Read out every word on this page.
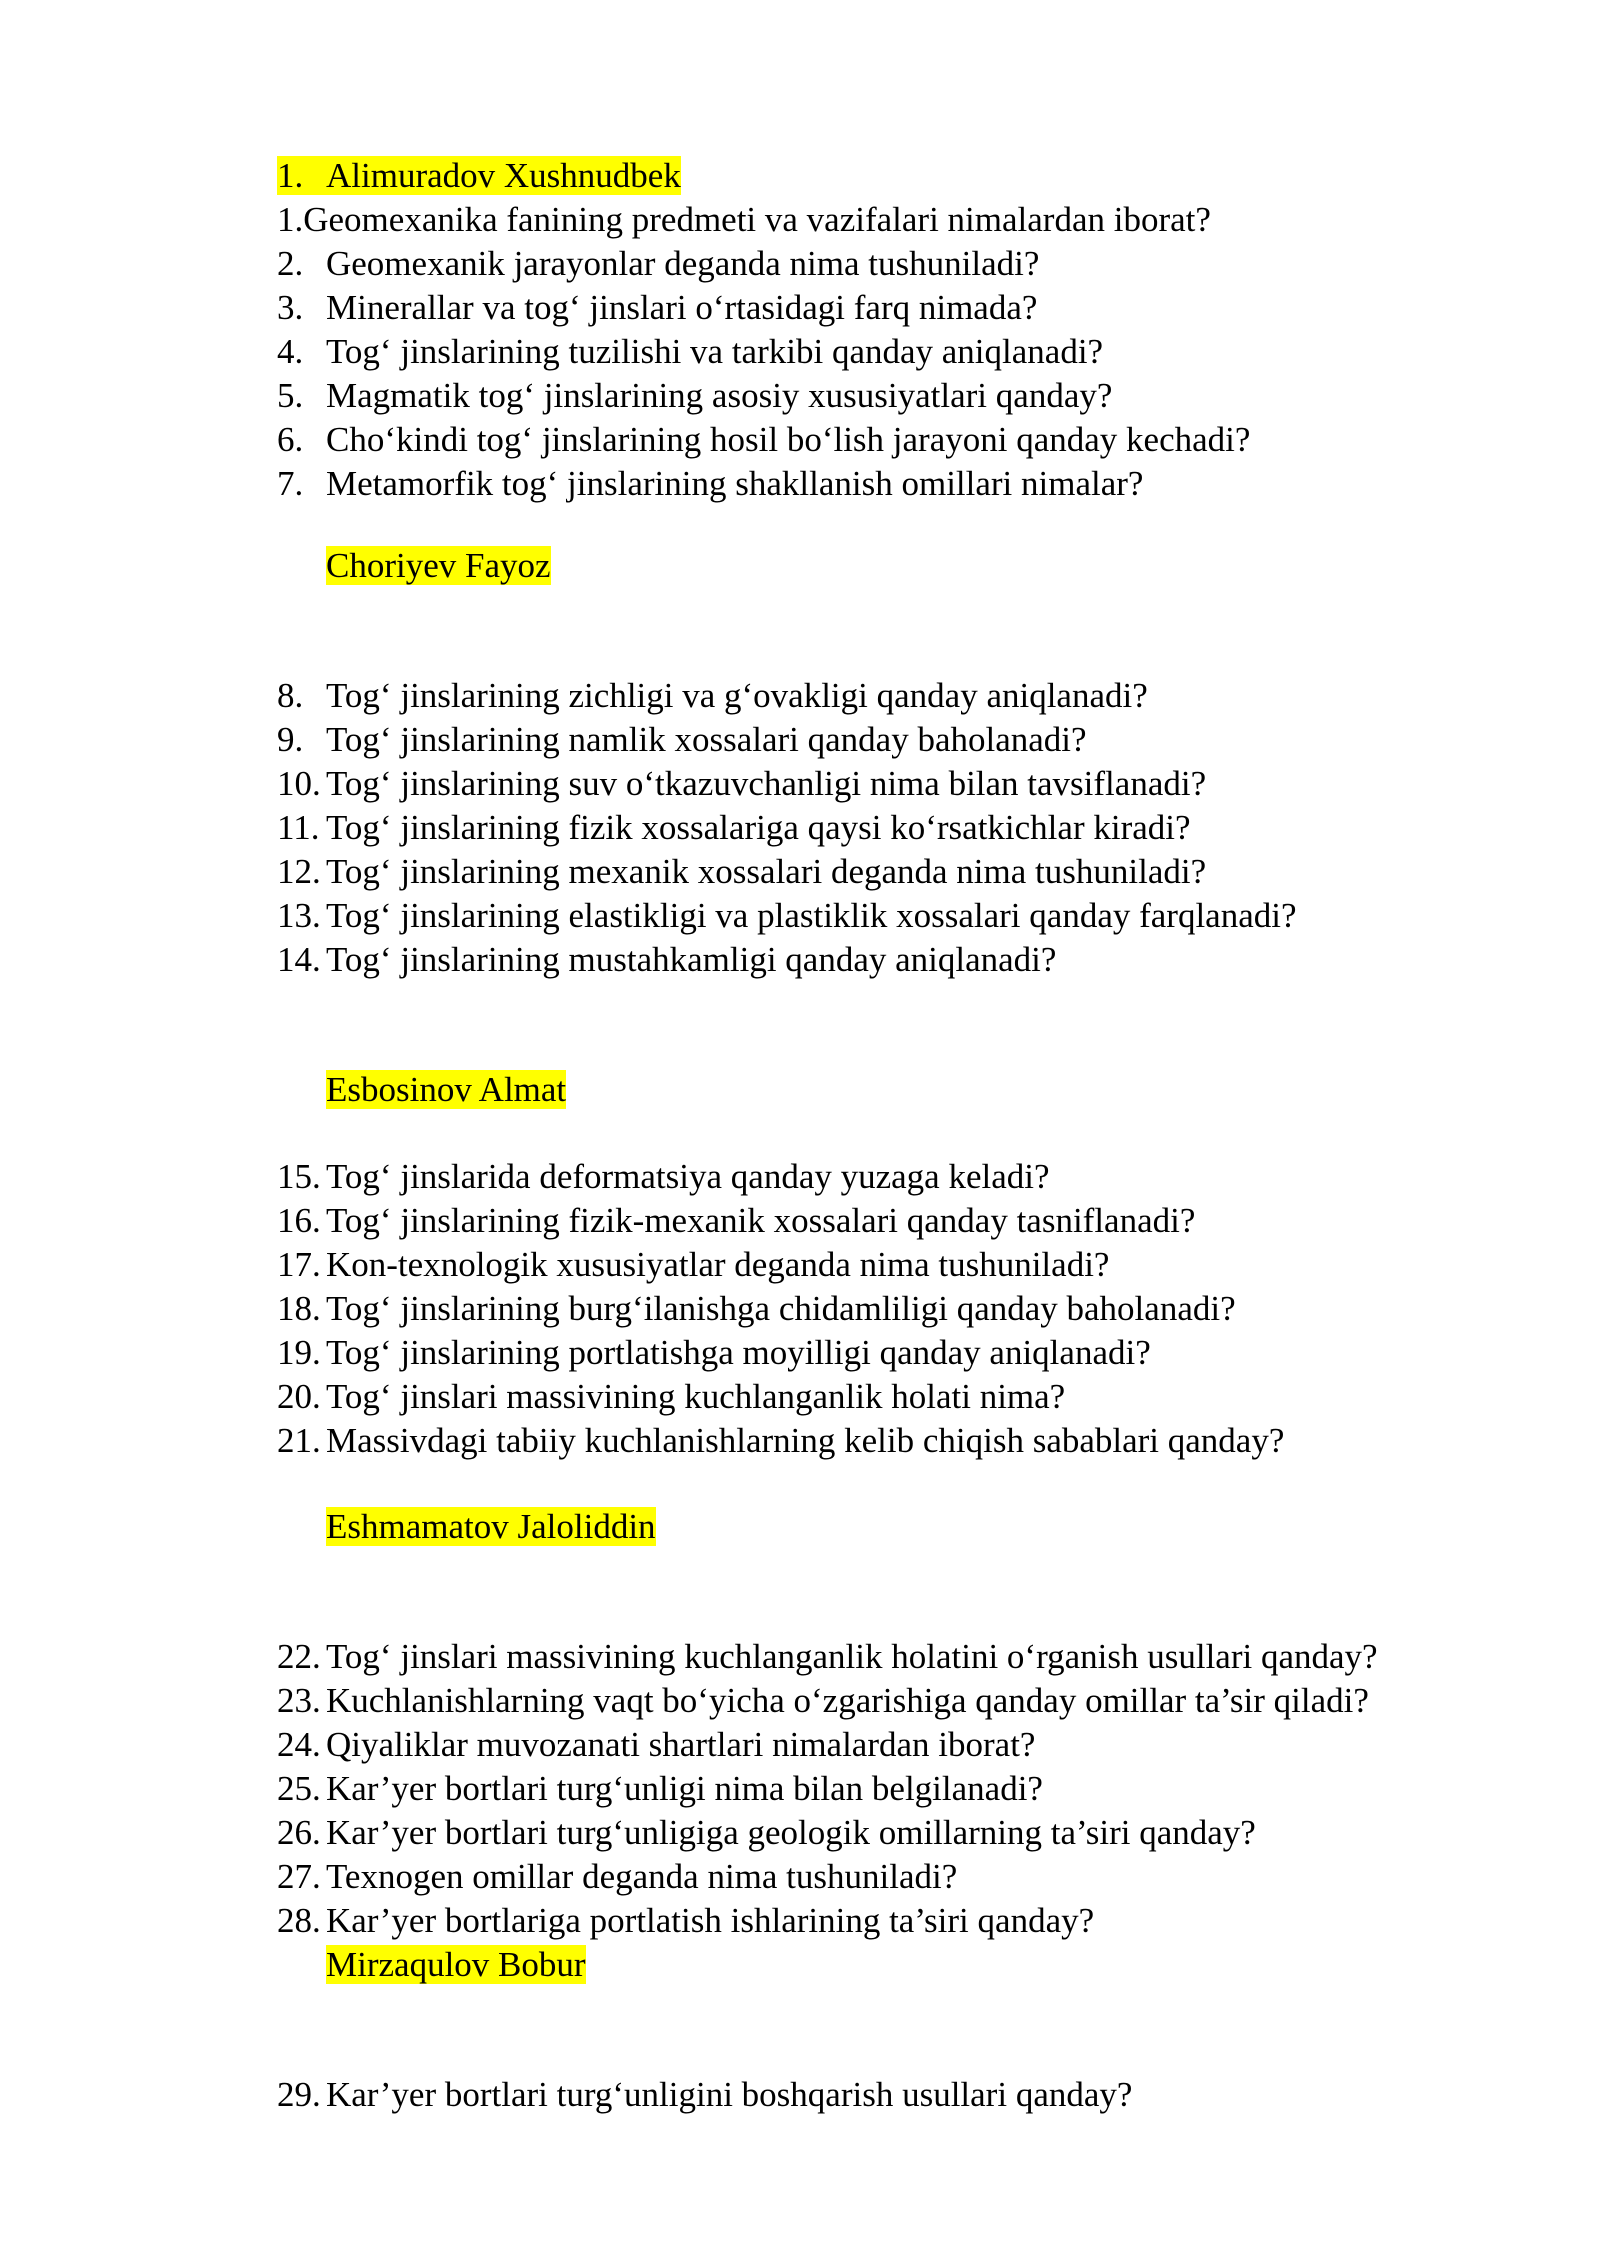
1. Alimuradov Xushnudbek
1.Geomexanika fanining predmeti va vazifalari nimalardan iborat?
2. Geomexanik jarayonlar deganda nima tushuniladi?
3. Minerallar va tog‘ jinslari o‘rtasidagi farq nimada?
4. Tog‘ jinslarining tuzilishi va tarkibi qanday aniqlanadi?
5. Magmatik tog‘ jinslarining asosiy xususiyatlari qanday?
6. Cho‘kindi tog‘ jinslarining hosil bo‘lish jarayoni qanday kechadi?
7. Metamorfik tog‘ jinslarining shakllanish omillari nimalar?
Choriyev Fayoz
8. Tog‘ jinslarining zichligi va g‘ovakligi qanday aniqlanadi?
9. Tog‘ jinslarining namlik xossalari qanday baholanadi?
10. Tog‘ jinslarining suv o‘tkazuvchanligi nima bilan tavsiflanadi?
11. Tog‘ jinslarining fizik xossalariga qaysi ko‘rsatkichlar kiradi?
12. Tog‘ jinslarining mexanik xossalari deganda nima tushuniladi?
13. Tog‘ jinslarining elastikligi va plastiklik xossalari qanday farqlanadi?
14. Tog‘ jinslarining mustahkamligi qanday aniqlanadi?
Esbosinov Almat
15. Tog‘ jinslarida deformatsiya qanday yuzaga keladi?
16. Tog‘ jinslarining fizik-mexanik xossalari qanday tasniflanadi?
17. Kon-texnologik xususiyatlar deganda nima tushuniladi?
18. Tog‘ jinslarining burg‘ilanishga chidamliligi qanday baholanadi?
19. Tog‘ jinslarining portlatishga moyilligi qanday aniqlanadi?
20. Tog‘ jinslari massivining kuchlanganlik holati nima?
21. Massivdagi tabiiy kuchlanishlarning kelib chiqish sabablari qanday?
Eshmamatov Jaloliddin
22. Tog‘ jinslari massivining kuchlanganlik holatini o‘rganish usullari qanday?
23. Kuchlanishlarning vaqt bo‘yicha o‘zgarishiga qanday omillar ta’sir qiladi?
24. Qiyaliklar muvozanati shartlari nimalardan iborat?
25. Kar’yer bortlari turg‘unligi nima bilan belgilanadi?
26. Kar’yer bortlari turg‘unligiga geologik omillarning ta’siri qanday?
27. Texnogen omillar deganda nima tushuniladi?
28. Kar’yer bortlariga portlatish ishlarining ta’siri qanday?
Mirzaqulov Bobur
29. Kar’yer bortlari turg‘unligini boshqarish usullari qanday?
